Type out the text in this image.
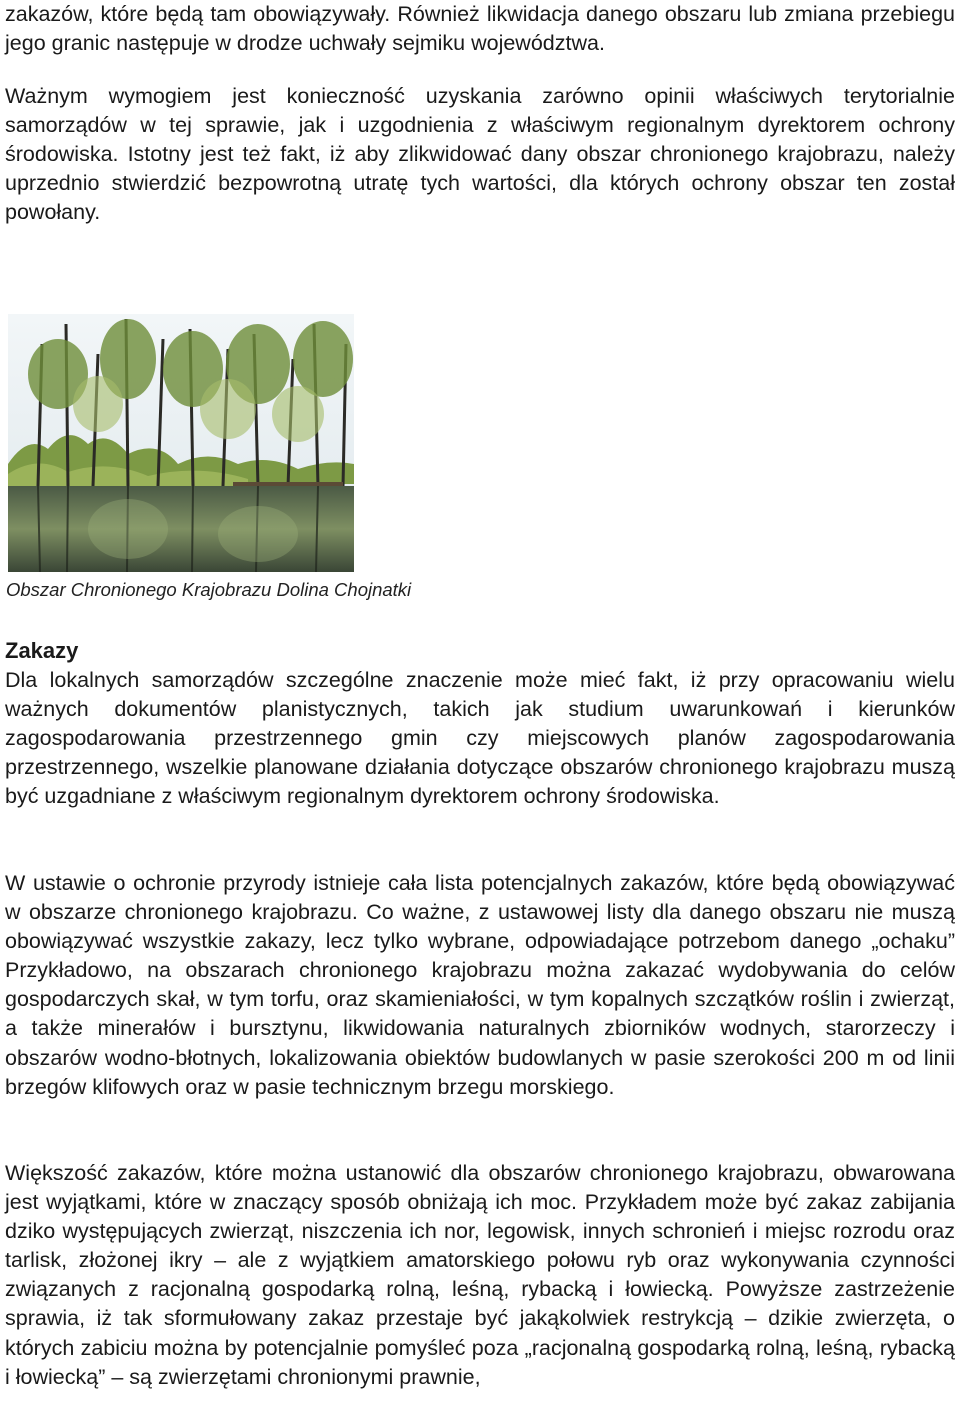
zakazów, które będą tam obowiązywały. Również likwidacja danego obszaru lub zmiana przebiegu jego granic następuje w drodze uchwały sejmiku województwa.

Ważnym wymogiem jest konieczność uzyskania zarówno opinii właściwych terytorialnie samorządów w tej sprawie, jak i uzgodnienia z właściwym regionalnym dyrektorem ochrony środowiska. Istotny jest też fakt, iż aby zlikwidować dany obszar chronionego krajobrazu, należy uprzednio stwierdzić bezpowrotną utratę tych wartości, dla których ochrony obszar ten został powołany.

Obszar Chronionego Krajobrazu Dolina Chojnatki

Zakazy

Dla lokalnych samorządów szczególne znaczenie może mieć fakt, iż przy opracowaniu wielu ważnych dokumentów planistycznych, takich jak studium uwarunkowań i kierunków zagospodarowania przestrzennego gmin czy miejscowych planów zagospodarowania przestrzennego, wszelkie planowane działania dotyczące obszarów chronionego krajobrazu muszą być uzgadniane z właściwym regionalnym dyrektorem ochrony środowiska.

W ustawie o ochronie przyrody istnieje cała lista potencjalnych zakazów, które będą obowiązywać w obszarze chronionego krajobrazu. Co ważne, z ustawowej listy dla danego obszaru nie muszą obowiązywać wszystkie zakazy, lecz tylko wybrane, odpowiadające potrzebom danego „ochaku” Przykładowo, na obszarach chronionego krajobrazu można zakazać wydobywania do celów gospodarczych skał, w tym torfu, oraz skamieniałości, w tym kopalnych szczątków roślin i zwierząt, a także minerałów i bursztynu, likwidowania naturalnych zbiorników wodnych, starorzeczy i obszarów wodno-błotnych, lokalizowania obiektów budowlanych w pasie szerokości 200 m od linii brzegów klifowych oraz w pasie technicznym brzegu morskiego.

Większość zakazów, które można ustanowić dla obszarów chronionego krajobrazu, obwarowana jest wyjątkami, które w znaczący sposób obniżają ich moc. Przykładem może być zakaz zabijania dziko występujących zwierząt, niszczenia ich nor, legowisk, innych schronień i miejsc rozrodu oraz tarlisk, złożonej ikry – ale z wyjątkiem amatorskiego połowu ryb oraz wykonywania czynności związanych z racjonalną gospodarką rolną, leśną, rybacką i łowiecką. Powyższe zastrzeżenie sprawia, iż tak sformułowany zakaz przestaje być jakąkolwiek restrykcją – dzikie zwierzęta, o których zabiciu można by potencjalnie pomyśleć poza „racjonalną gospodarką rolną, leśną, rybacką i łowiecką” – są zwierzętami chronionymi prawnie,
